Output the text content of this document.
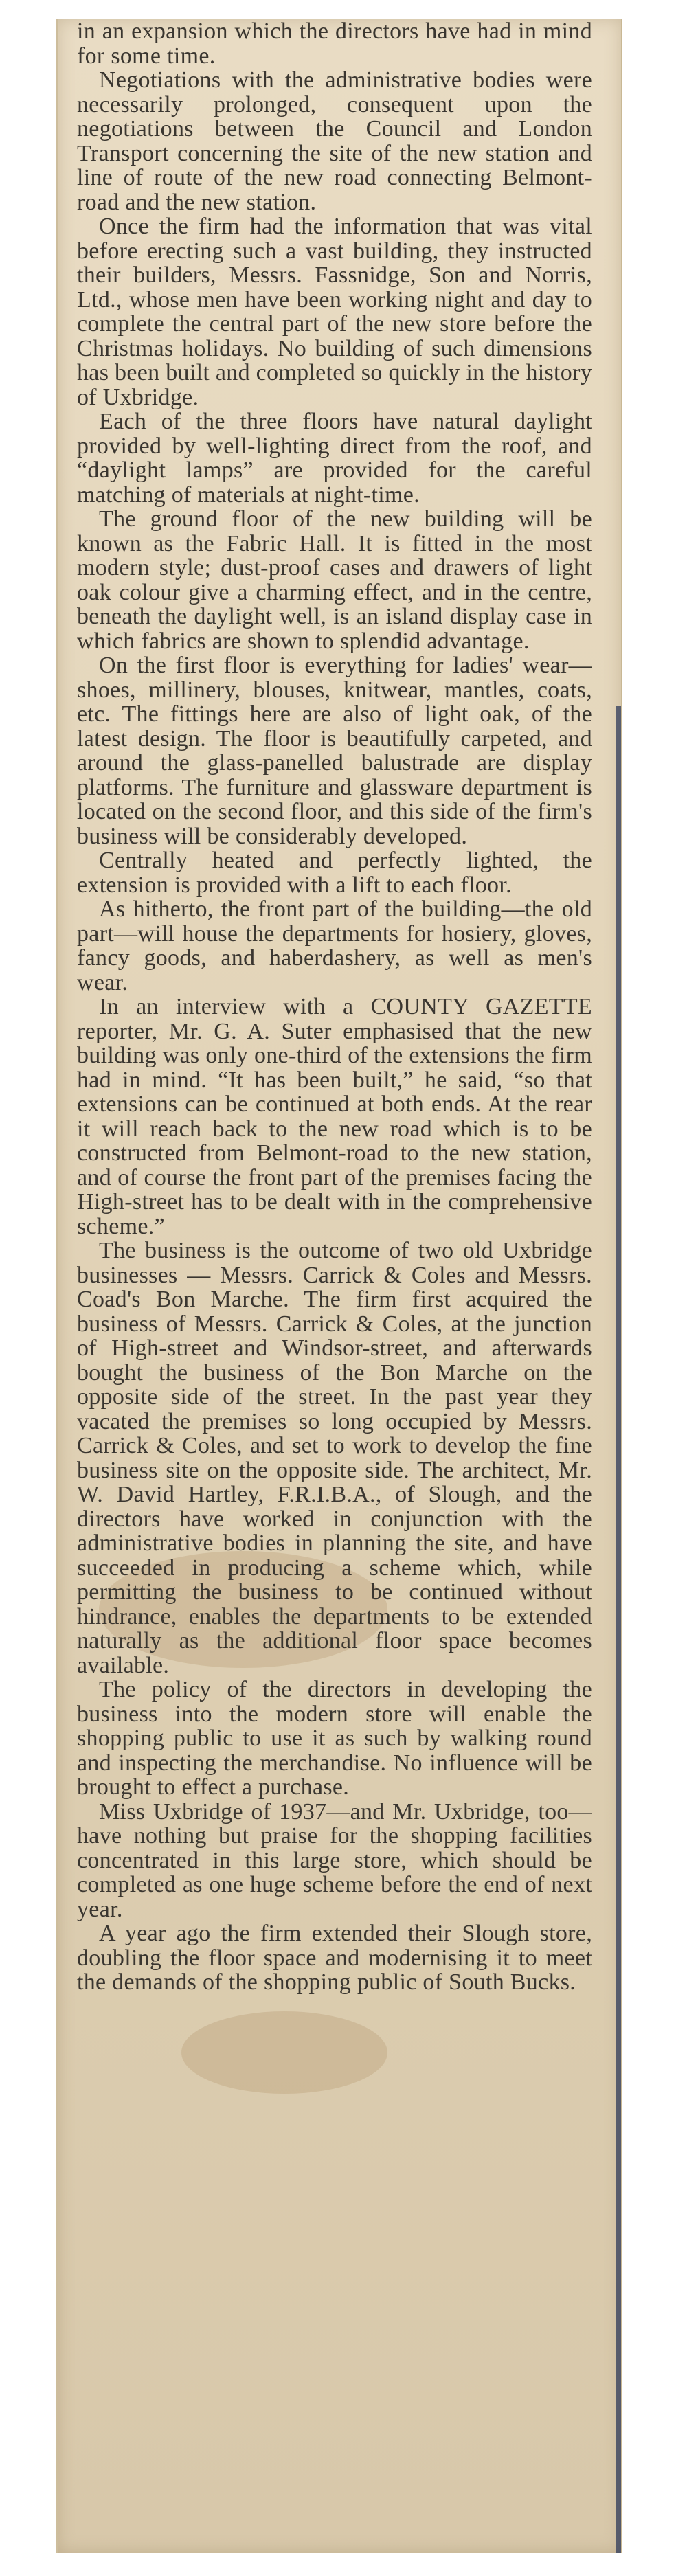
in an expansion which the directors have had in mind for some time.

Negotiations with the administrative bodies were necessarily prolonged, consequent upon the negotiations between the Council and London Transport concerning the site of the new station and line of route of the new road connecting Belmont-road and the new station.

Once the firm had the information that was vital before erecting such a vast building, they instructed their builders, Messrs. Fassnidge, Son and Norris, Ltd., whose men have been working night and day to complete the central part of the new store before the Christmas holidays. No building of such dimensions has been built and completed so quickly in the history of Uxbridge.

Each of the three floors have natural daylight provided by well-lighting direct from the roof, and “daylight lamps” are provided for the careful matching of materials at night-time.

The ground floor of the new building will be known as the Fabric Hall. It is fitted in the most modern style; dust-proof cases and drawers of light oak colour give a charming effect, and in the centre, beneath the daylight well, is an island display case in which fabrics are shown to splendid advantage.

On the first floor is everything for ladies' wear—shoes, millinery, blouses, knitwear, mantles, coats, etc. The fittings here are also of light oak, of the latest design. The floor is beautifully carpeted, and around the glass-panelled balustrade are display platforms. The furniture and glassware department is located on the second floor, and this side of the firm's business will be considerably developed.

Centrally heated and perfectly lighted, the extension is provided with a lift to each floor.

As hitherto, the front part of the building—the old part—will house the departments for hosiery, gloves, fancy goods, and haberdashery, as well as men's wear.

In an interview with a COUNTY GAZETTE reporter, Mr. G. A. Suter emphasised that the new building was only one-third of the extensions the firm had in mind. “It has been built,” he said, “so that extensions can be continued at both ends. At the rear it will reach back to the new road which is to be constructed from Belmont-road to the new station, and of course the front part of the premises facing the High-street has to be dealt with in the comprehensive scheme.”

The business is the outcome of two old Uxbridge businesses — Messrs. Carrick & Coles and Messrs. Coad's Bon Marche. The firm first acquired the business of Messrs. Carrick & Coles, at the junction of High-street and Windsor-street, and afterwards bought the business of the Bon Marche on the opposite side of the street. In the past year they vacated the premises so long occupied by Messrs. Carrick & Coles, and set to work to develop the fine business site on the opposite side. The architect, Mr. W. David Hartley, F.R.I.B.A., of Slough, and the directors have worked in conjunction with the administrative bodies in planning the site, and have succeeded in producing a scheme which, while permitting the business to be continued without hindrance, enables the departments to be extended naturally as the additional floor space becomes available.

The policy of the directors in developing the business into the modern store will enable the shopping public to use it as such by walking round and inspecting the merchandise. No influence will be brought to effect a purchase.

Miss Uxbridge of 1937—and Mr. Uxbridge, too—have nothing but praise for the shopping facilities concentrated in this large store, which should be completed as one huge scheme before the end of next year.

A year ago the firm extended their Slough store, doubling the floor space and modernising it to meet the demands of the shopping public of South Bucks.
